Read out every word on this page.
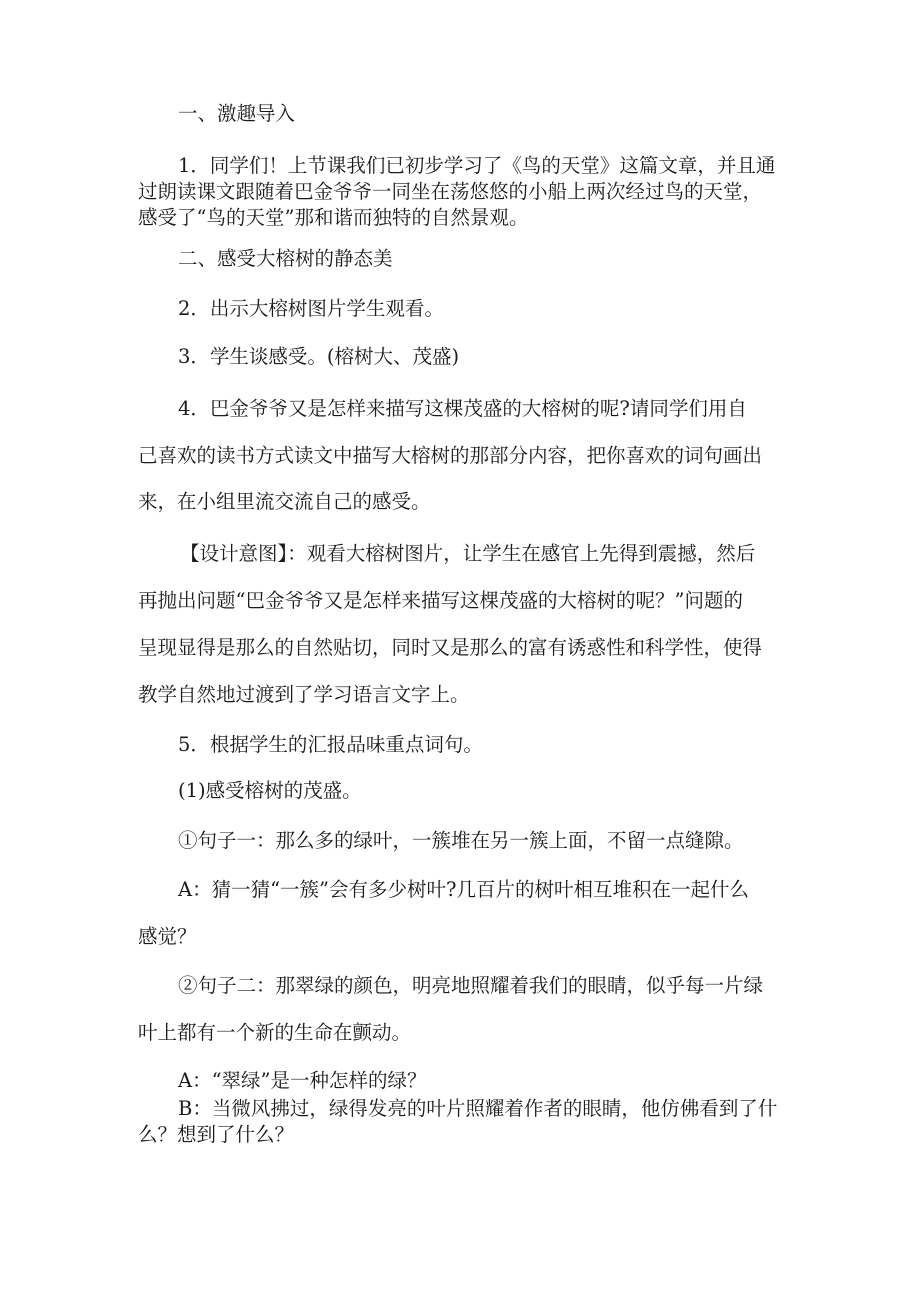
一、激趣导入

1．同学们！上节课我们已初步学习了《鸟的天堂》这篇文章，并且通

过朗读课文跟随着巴金爷爷一同坐在荡悠悠的小船上两次经过鸟的天堂，

感受了“鸟的天堂”那和谐而独特的自然景观。

二、感受大榕树的静态美

2．出示大榕树图片学生观看。

3．学生谈感受。(榕树大、茂盛)

4．巴金爷爷又是怎样来描写这棵茂盛的大榕树的呢?请同学们用自

己喜欢的读书方式读文中描写大榕树的那部分内容，把你喜欢的词句画出

来，在小组里流交流自己的感受。

【设计意图】：观看大榕树图片，让学生在感官上先得到震撼，然后

再抛出问题“巴金爷爷又是怎样来描写这棵茂盛的大榕树的呢？”问题的

呈现显得是那么的自然贴切，同时又是那么的富有诱惑性和科学性，使得

教学自然地过渡到了学习语言文字上。

5．根据学生的汇报品味重点词句。

(1)感受榕树的茂盛。

①句子一：那么多的绿叶，一簇堆在另一簇上面，不留一点缝隙。

A：猜一猜“一簇”会有多少树叶?几百片的树叶相互堆积在一起什么

感觉？

②句子二：那翠绿的颜色，明亮地照耀着我们的眼睛，似乎每一片绿

叶上都有一个新的生命在颤动。

A：“翠绿”是一种怎样的绿？

B：当微风拂过，绿得发亮的叶片照耀着作者的眼睛，他仿佛看到了什

么？想到了什么？
